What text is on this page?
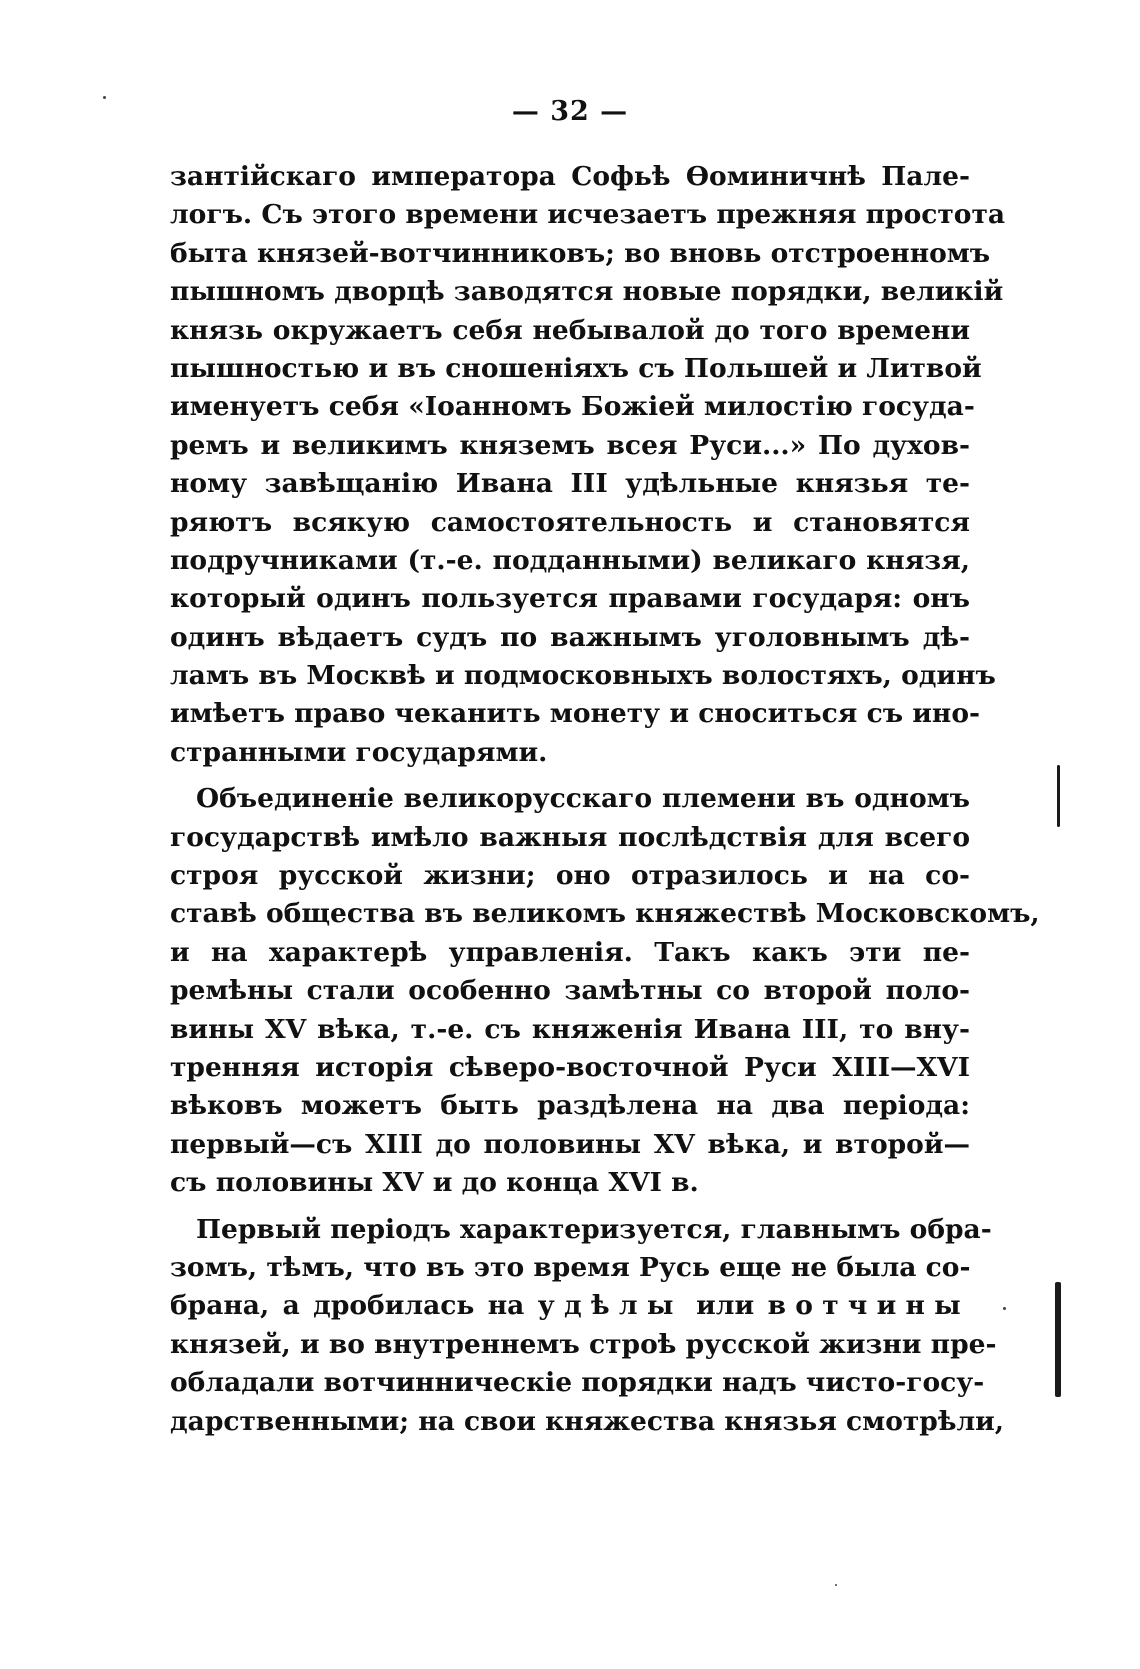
— 32 —
зантійскаго императора Софьѣ Ѳоминичнѣ Пале-
логъ. Съ этого времени исчезаетъ прежняя простота
быта князей-вотчинниковъ; во вновь отстроенномъ
пышномъ дворцѣ заводятся новые порядки, великій
князь окружаетъ себя небывалой до того времени
пышностью и въ сношеніяхъ съ Польшей и Литвой
именуетъ себя «Іоанномъ Божіей милостію госуда-
ремъ и великимъ княземъ всея Руси...» По духов-
ному завѣщанію Ивана III удѣльные князья те-
ряютъ всякую самостоятельность и становятся
подручниками (т.-е. подданными) великаго князя,
который одинъ пользуется правами государя: онъ
одинъ вѣдаетъ судъ по важнымъ уголовнымъ дѣ-
ламъ въ Москвѣ и подмосковныхъ волостяхъ, одинъ
имѣетъ право чеканить монету и сноситься съ ино-
странными государями.
Объединеніе великорусскаго племени въ одномъ
государствѣ имѣло важныя послѣдствія для всего
строя русской жизни; оно отразилось и на со-
ставѣ общества въ великомъ княжествѣ Московскомъ,
и на характерѣ управленія. Такъ какъ эти пе-
ремѣны стали особенно замѣтны со второй поло-
вины XV вѣка, т.-е. съ княженія Ивана III, то вну-
тренняя исторія сѣверо-восточной Руси XIII—XVI
вѣковъ можетъ быть раздѣлена на два періода:
первый—съ XIII до половины XV вѣка, и второй—
съ половины XV и до конца XVI в.
Первый періодъ характеризуется, главнымъ обра-
зомъ, тѣмъ, что въ это время Русь еще не была со-
брана, а дробилась на удѣлы или вотчины
князей, и во внутреннемъ строѣ русской жизни пре-
обладали вотчинническіе порядки надъ чисто-госу-
дарственными; на свои княжества князья смотрѣли,
